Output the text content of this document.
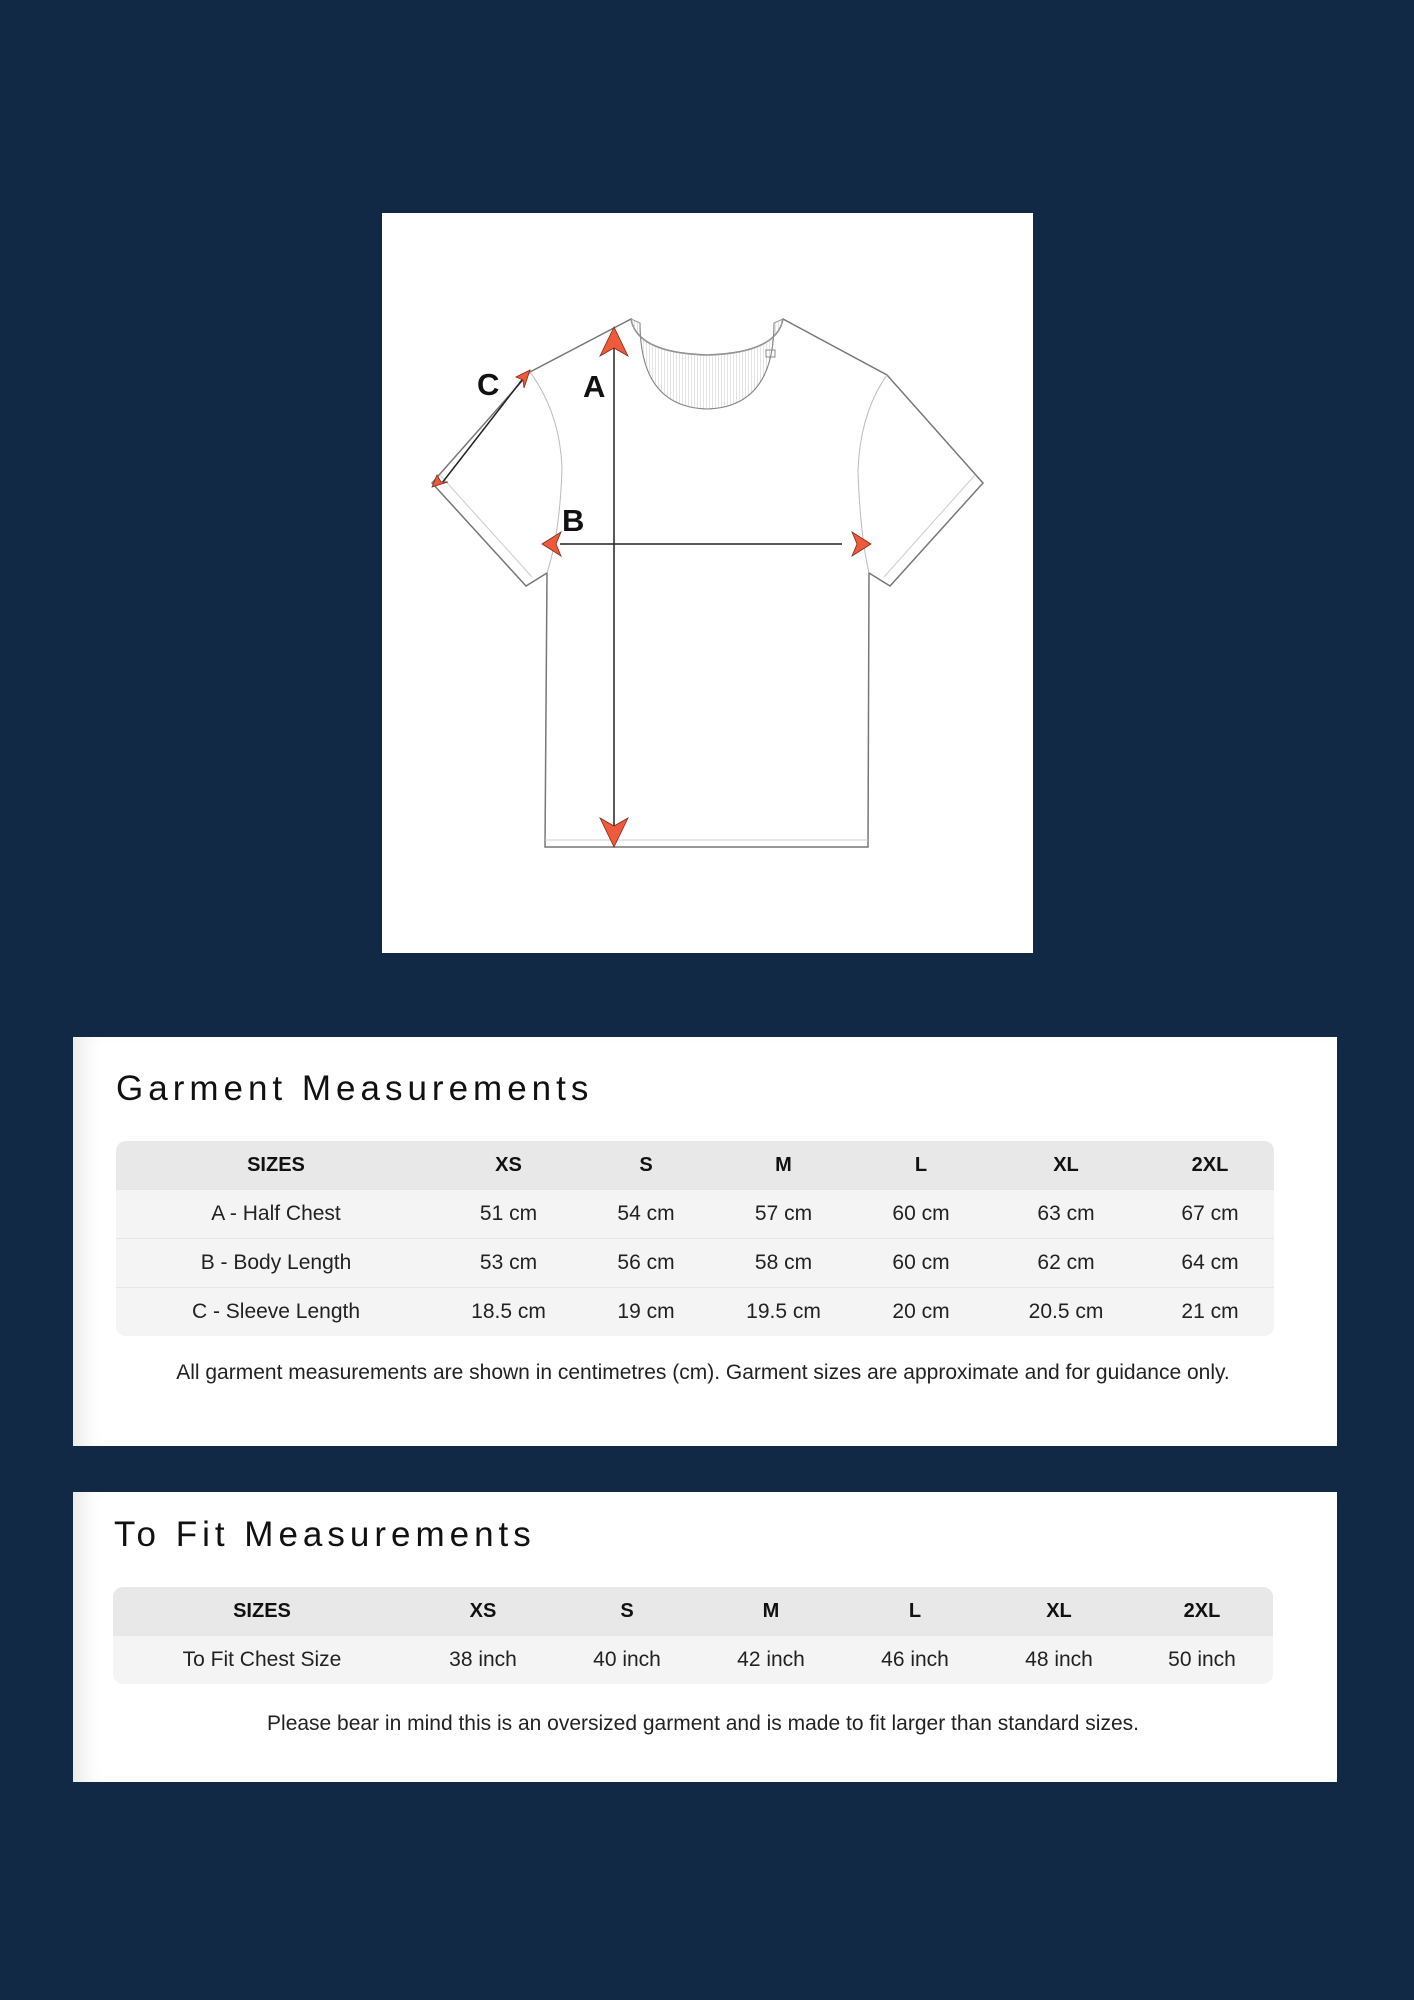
C	A
B
Garment Measurements
SIZES	XS	S	M	L	XL	2XL
A - Half Chest	51 cm	54 cm	57 cm	60 cm	63 cm	67 cm
B - Body Length	53 cm	56 cm	58 cm	60 cm	62 cm	64 cm
C - Sleeve Length	18.5 cm	19 cm	19.5 cm	20 cm	20.5 cm	21 cm

All garment measurements are shown in centimetres (cm). Garment sizes are approximate and for guidance only.

To Fit Measurements
SIZES	XS	S	M	L	XL	2XL
To Fit Chest Size	38 inch	40 inch	42 inch	46 inch	48 inch	50 inch

Please bear in mind this is an oversized garment and is made to fit larger than standard sizes.
